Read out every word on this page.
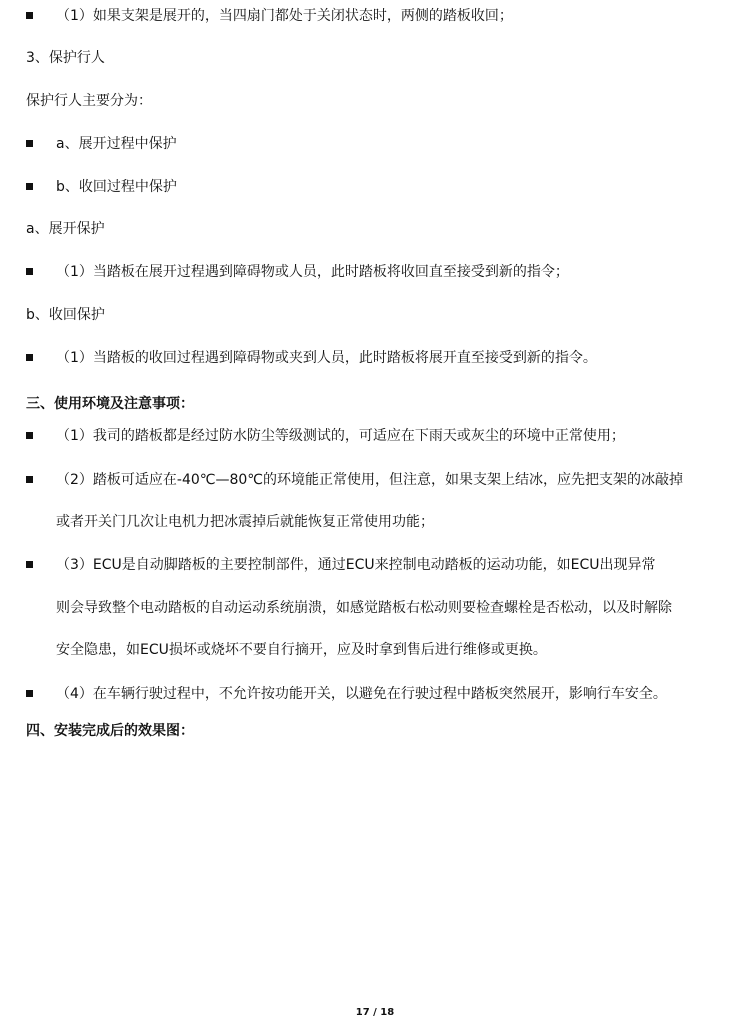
（1）如果支架是展开的，当四扇门都处于关闭状态时，两侧的踏板收回；
3、保护行人
保护行人主要分为：
a、展开过程中保护
b、收回过程中保护
a、展开保护
（1）当踏板在展开过程遇到障碍物或人员，此时踏板将收回直至接受到新的指令；
b、收回保护
（1）当踏板的收回过程遇到障碍物或夹到人员，此时踏板将展开直至接受到新的指令。
三、使用环境及注意事项：
（1）我司的踏板都是经过防水防尘等级测试的，可适应在下雨天或灰尘的环境中正常使用；
（2）踏板可适应在-40℃—80℃的环境能正常使用，但注意，如果支架上结冰，应先把支架的冰敲掉
或者开关门几次让电机力把冰震掉后就能恢复正常使用功能；
（3）ECU是自动脚踏板的主要控制部件，通过ECU来控制电动踏板的运动功能，如ECU出现异常
则会导致整个电动踏板的自动运动系统崩溃，如感觉踏板右松动则要检查螺栓是否松动，以及时解除
安全隐患，如ECU损坏或烧坏不要自行摘开，应及时拿到售后进行维修或更换。
（4）在车辆行驶过程中，不允许按功能开关，以避免在行驶过程中踏板突然展开，影响行车安全。
四、安装完成后的效果图：
17 / 18
